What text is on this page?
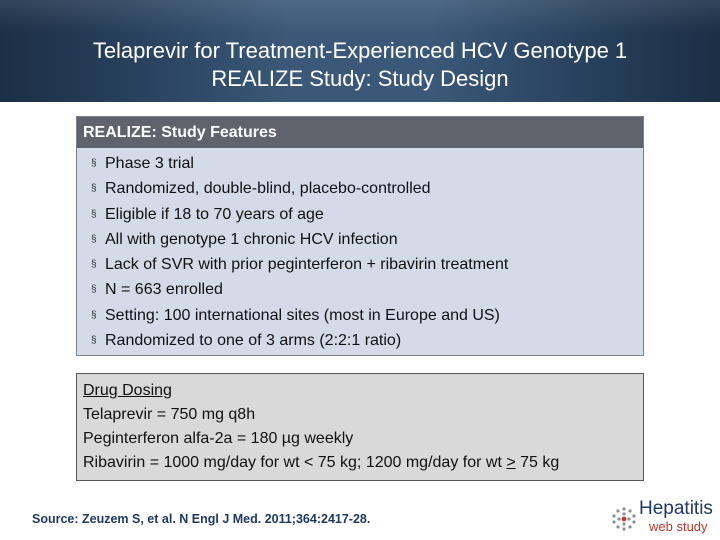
Telaprevir for Treatment-Experienced HCV Genotype 1
REALIZE Study: Study Design
REALIZE: Study Features
§ Phase 3 trial
§ Randomized, double-blind, placebo-controlled
§ Eligible if 18 to 70 years of age
§ All with genotype 1 chronic HCV infection
§ Lack of SVR with prior peginterferon + ribavirin treatment
§ N = 663 enrolled
§ Setting: 100 international sites (most in Europe and US)
§ Randomized to one of 3 arms (2:2:1 ratio)
Drug Dosing
Telaprevir = 750 mg q8h
Peginterferon alfa-2a = 180 µg weekly
Ribavirin = 1000 mg/day for wt < 75 kg; 1200 mg/day for wt ≥ 75 kg
Source: Zeuzem S, et al. N Engl J Med. 2011;364:2417-28.	Hepatitis
web study
